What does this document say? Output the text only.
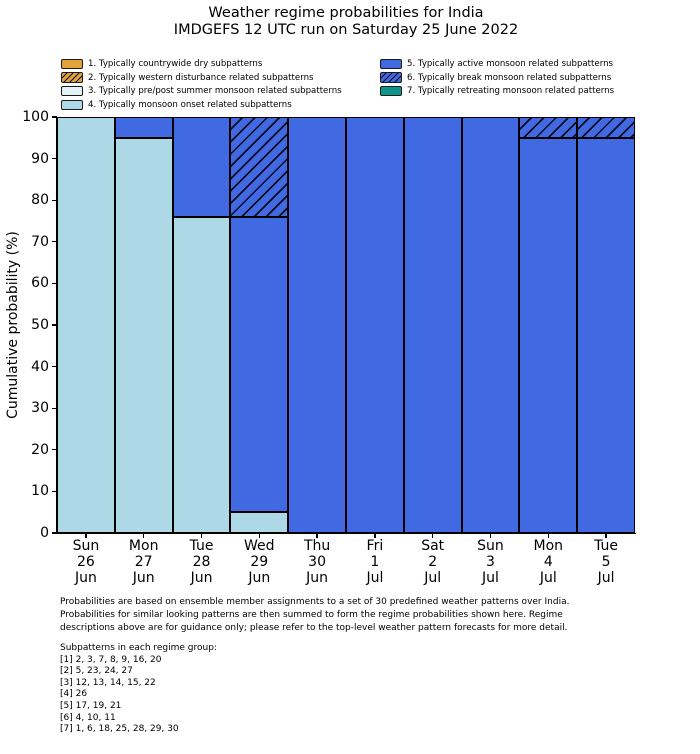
Weather regime probabilities for India
IMDGEFS 12 UTC run on Saturday 25 June 2022
1. Typically countrywide dry subpatterns
2. Typically western disturbance related subpatterns
3. Typically pre/post summer monsoon related subpatterns
4. Typically monsoon onset related subpatterns
5. Typically active monsoon related subpatterns
6. Typically break monsoon related subpatterns
7. Typically retreating monsoon related patterns
Cumulative probability (%)
0
10
20
30
40
50
60
70
80
90
100
Sun
26
Jun
Mon
27
Jun
Tue
28
Jun
Wed
29
Jun
Thu
30
Jun
Fri
1
Jul
Sat
2
Jul
Sun
3
Jul
Mon
4
Jul
Tue
5
Jul
Probabilities are based on ensemble member assignments to a set of 30 predefined weather patterns over India.
Probabilities for similar looking patterns are then summed to form the regime probabilities shown here. Regime
descriptions above are for guidance only; please refer to the top-level weather pattern forecasts for more detail.
Subpatterns in each regime group:
[1] 2, 3, 7, 8, 9, 16, 20
[2] 5, 23, 24, 27
[3] 12, 13, 14, 15, 22
[4] 26
[5] 17, 19, 21
[6] 4, 10, 11
[7] 1, 6, 18, 25, 28, 29, 30
